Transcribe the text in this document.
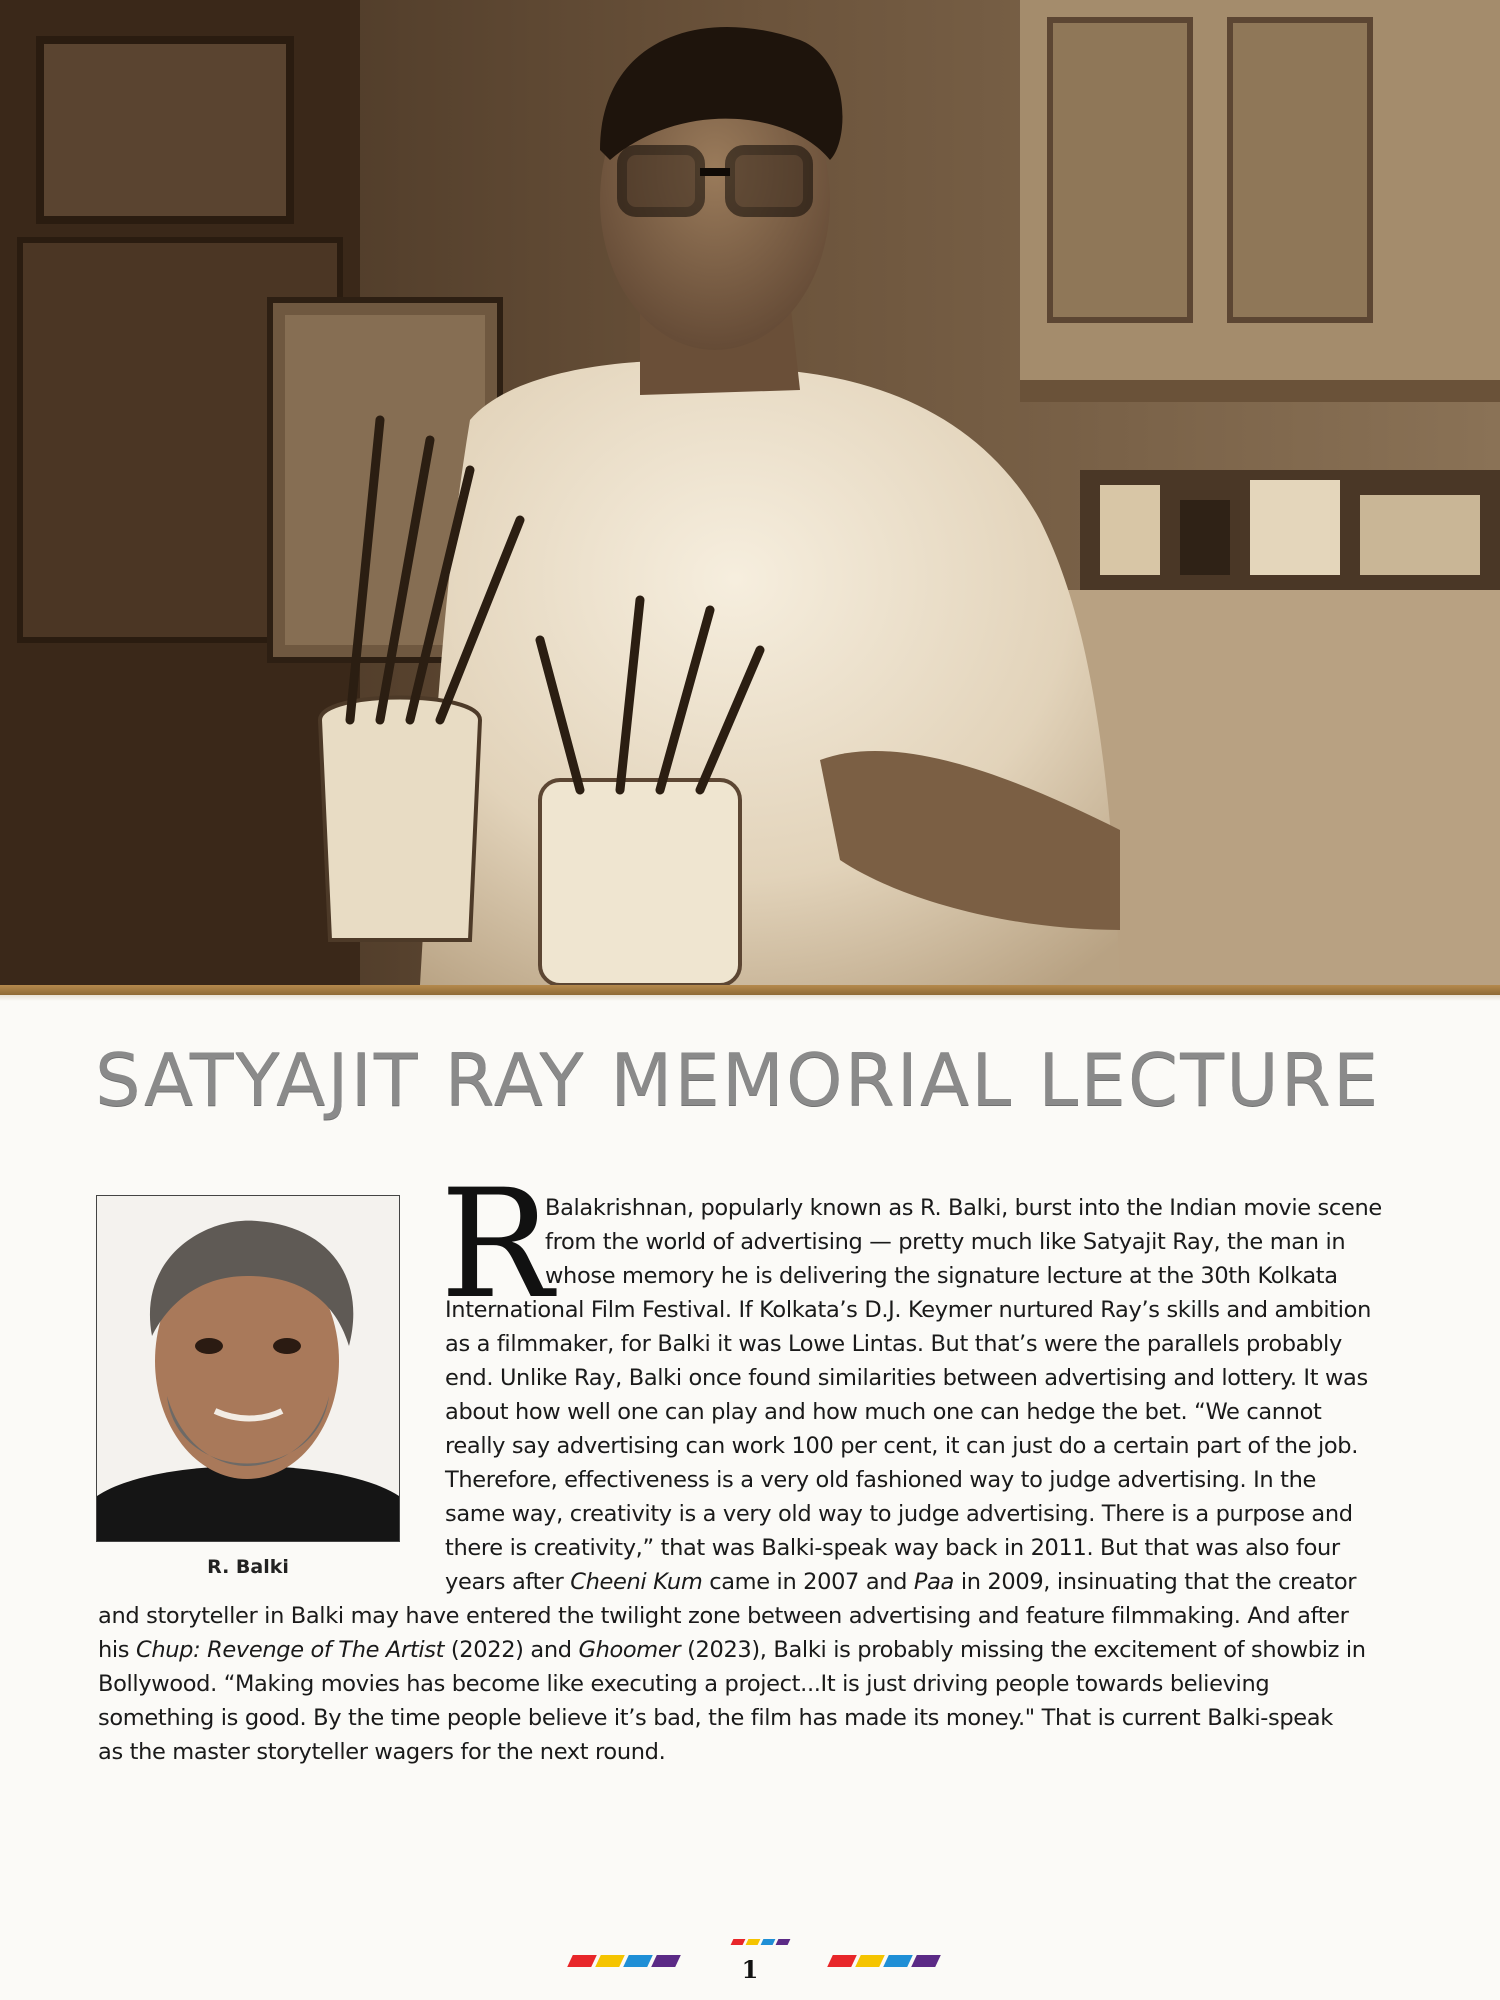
SATYAJIT RAY MEMORIAL LECTURE
R. Balki
R

Balakrishnan, popularly known as R. Balki, burst into the Indian movie scene

from the world of advertising — pretty much like Satyajit Ray, the man in

whose memory he is delivering the signature lecture at the 30th Kolkata

International Film Festival. If Kolkata’s D.J. Keymer nurtured Ray’s skills and ambition

as a filmmaker, for Balki it was Lowe Lintas. But that’s were the parallels probably

end. Unlike Ray, Balki once found similarities between advertising and lottery. It was

about how well one can play and how much one can hedge the bet. “We cannot

really say advertising can work 100 per cent, it can just do a certain part of the job.

Therefore, effectiveness is a very old fashioned way to judge advertising. In the

same way, creativity is a very old way to judge advertising. There is a purpose and

there is creativity,” that was Balki-speak way back in 2011. But that was also four

years after Cheeni Kum came in 2007 and Paa in 2009, insinuating that the creator

and storyteller in Balki may have entered the twilight zone between advertising and feature filmmaking. And after

his Chup: Revenge of The Artist (2022) and Ghoomer (2023), Balki is probably missing the excitement of showbiz in

Bollywood. “Making movies has become like executing a project...It is just driving people towards believing

something is good. By the time people believe it’s bad, the film has made its money." That is current Balki-speak

as the master storyteller wagers for the next round.

1
